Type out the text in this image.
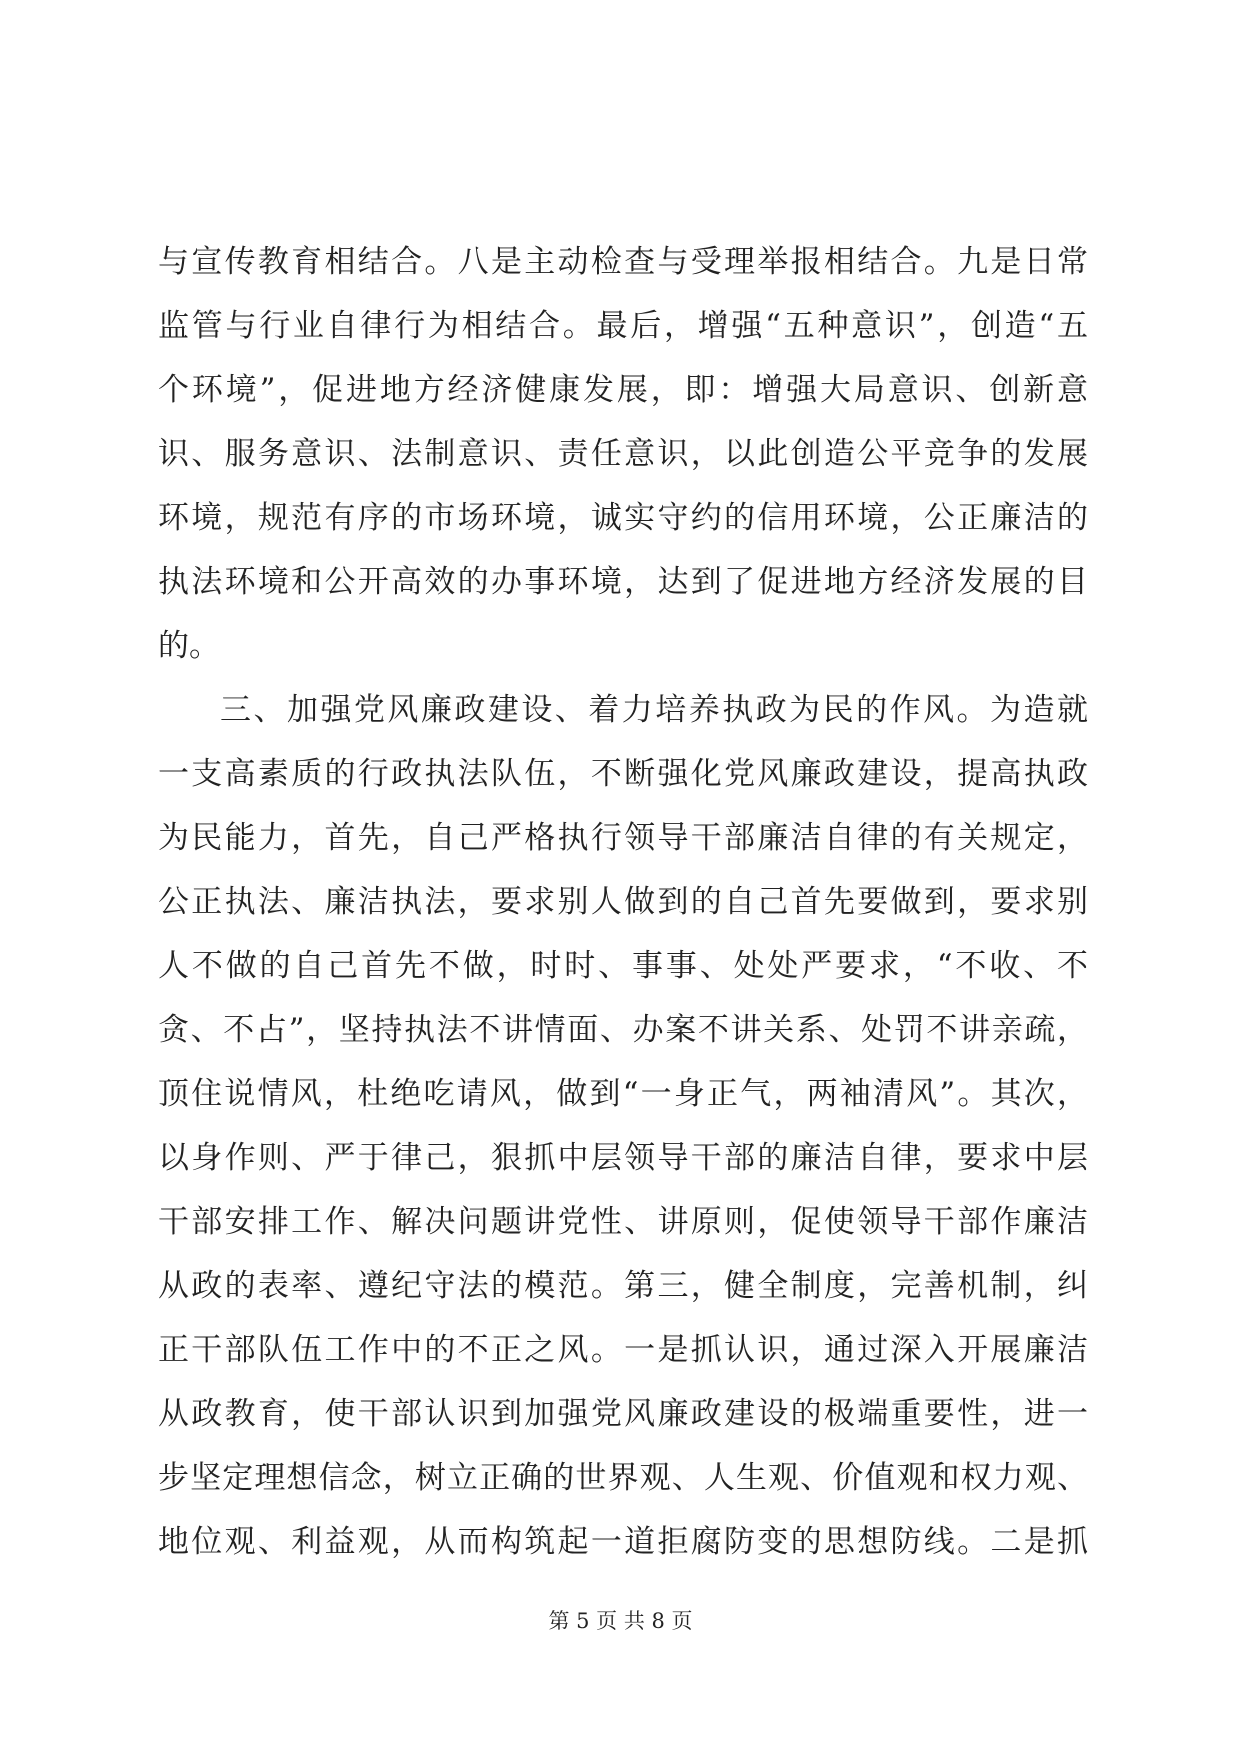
与宣传教育相结合。八是主动检查与受理举报相结合。九是日常
监管与行业自律行为相结合。最后，增强“五种意识”，创造“五
个环境”，促进地方经济健康发展，即：增强大局意识、创新意
识、服务意识、法制意识、责任意识，以此创造公平竞争的发展
环境，规范有序的市场环境，诚实守约的信用环境，公正廉洁的
执法环境和公开高效的办事环境，达到了促进地方经济发展的目
的。
三、加强党风廉政建设、着力培养执政为民的作风。为造就
一支高素质的行政执法队伍，不断强化党风廉政建设，提高执政
为民能力，首先，自己严格执行领导干部廉洁自律的有关规定，
公正执法、廉洁执法，要求别人做到的自己首先要做到，要求别
人不做的自己首先不做，时时、事事、处处严要求，“不收、不
贪、不占”，坚持执法不讲情面、办案不讲关系、处罚不讲亲疏，
顶住说情风，杜绝吃请风，做到“一身正气，两袖清风”。其次，
以身作则、严于律己，狠抓中层领导干部的廉洁自律，要求中层
干部安排工作、解决问题讲党性、讲原则，促使领导干部作廉洁
从政的表率、遵纪守法的模范。第三，健全制度，完善机制，纠
正干部队伍工作中的不正之风。一是抓认识，通过深入开展廉洁
从政教育，使干部认识到加强党风廉政建设的极端重要性，进一
步坚定理想信念，树立正确的世界观、人生观、价值观和权力观、
地位观、利益观，从而构筑起一道拒腐防变的思想防线。二是抓
第 5 页 共 8 页
